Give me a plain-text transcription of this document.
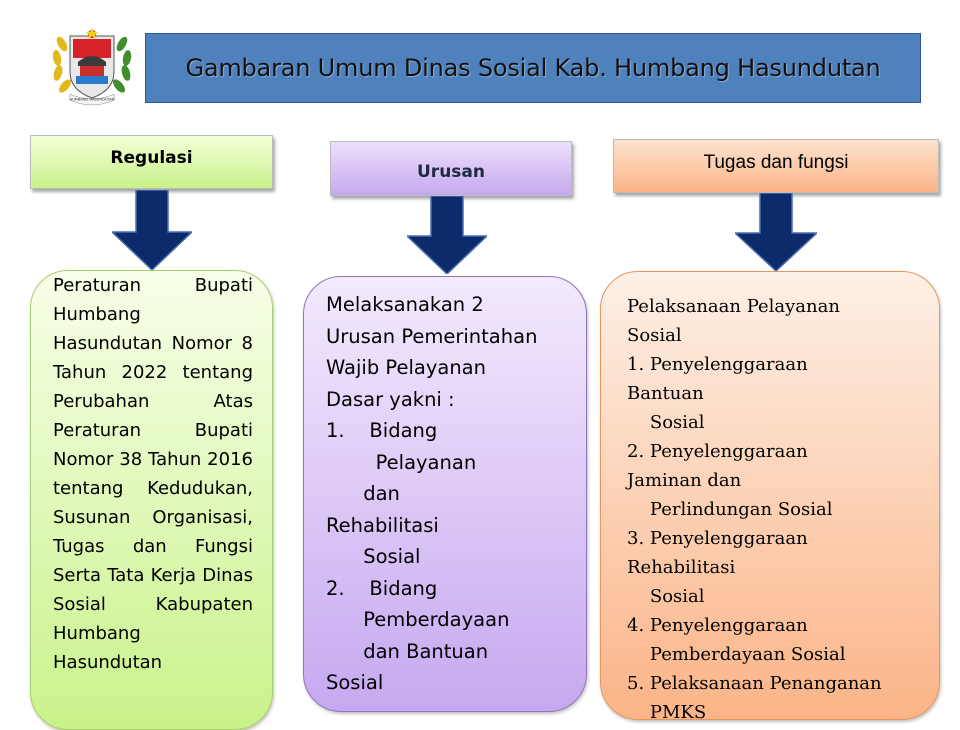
HUMBANG HASUNDUTAN
Gambaran Umum Dinas Sosial Kab. Humbang Hasundutan
Regulasi

Peraturan Bupati Humbang Hasundutan Nomor 8 Tahun 2022 tentang Perubahan Atas Peraturan Bupati Nomor 38 Tahun 2016 tentang Kedudukan, Susunan Organisasi, Tugas dan Fungsi Serta Tata Kerja Dinas Sosial Kabupaten Humbang Hasundutan

Urusan
Melaksanakan 2
Urusan Pemerintahan
Wajib Pelayanan
Dasar yakni :
1.    Bidang
Pelayanan
dan
Rehabilitasi
Sosial
2.    Bidang
Pemberdayaan
dan Bantuan
Sosial
Tugas dan fungsi
Pelaksanaan Pelayanan
Sosial
1. Penyelenggaraan
Bantuan
Sosial
2. Penyelenggaraan
Jaminan dan
Perlindungan Sosial
3. Penyelenggaraan
Rehabilitasi
Sosial
4. Penyelenggaraan
Pemberdayaan Sosial
5. Pelaksanaan Penanganan
PMKS
